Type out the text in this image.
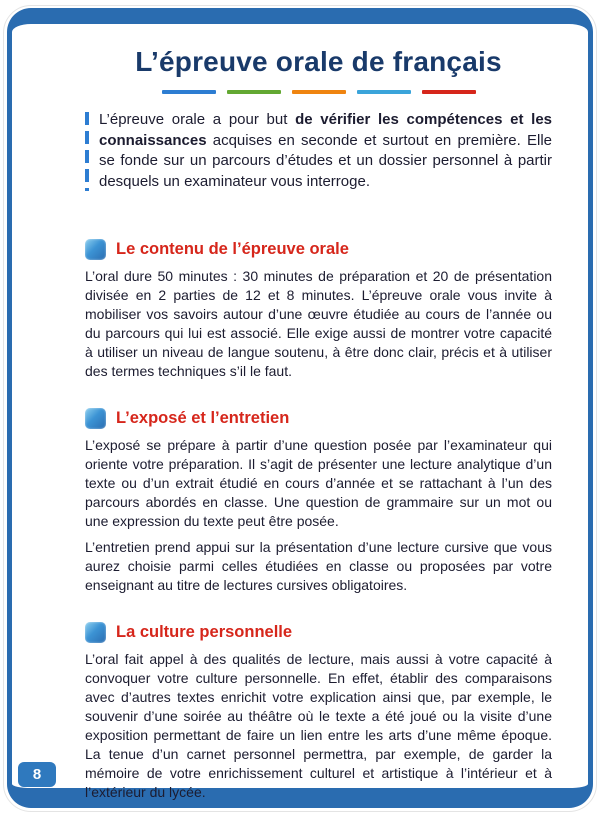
L’épreuve orale de français

L’épreuve orale a pour but de vérifier les compétences et les connaissances acquises en seconde et surtout en première. Elle se fonde sur un parcours d’études et un dossier personnel à partir desquels un examinateur vous interroge.

Le contenu de l’épreuve orale

L’oral dure 50 minutes : 30 minutes de préparation et 20 de présentation divisée en 2 parties de 12 et 8 minutes. L’épreuve orale vous invite à mobiliser vos savoirs autour d’une œuvre étudiée au cours de l’année ou du parcours qui lui est associé. Elle exige aussi de montrer votre capacité à utiliser un niveau de langue soutenu, à être donc clair, précis et à utiliser des termes techniques s’il le faut.

L’exposé et l’entretien

L’exposé se prépare à partir d’une question posée par l’examinateur qui oriente votre préparation. Il s’agit de présenter une lecture analytique d’un texte ou d’un extrait étudié en cours d’année et se rattachant à l’un des parcours abordés en classe. Une question de grammaire sur un mot ou une expression du texte peut être posée.

L’entretien prend appui sur la présentation d’une lecture cursive que vous aurez choisie parmi celles étudiées en classe ou proposées par votre enseignant au titre de lectures cursives obligatoires.

La culture personnelle

L’oral fait appel à des qualités de lecture, mais aussi à votre capacité à convoquer votre culture personnelle. En effet, établir des comparaisons avec d’autres textes enrichit votre explication ainsi que, par exemple, le souvenir d’une soirée au théâtre où le texte a été joué ou la visite d’une exposition permettant de faire un lien entre les arts d’une même époque. La tenue d’un carnet personnel permettra, par exemple, de garder la mémoire de votre enrichissement culturel et artistique à l’intérieur et à l’extérieur du lycée.

8
